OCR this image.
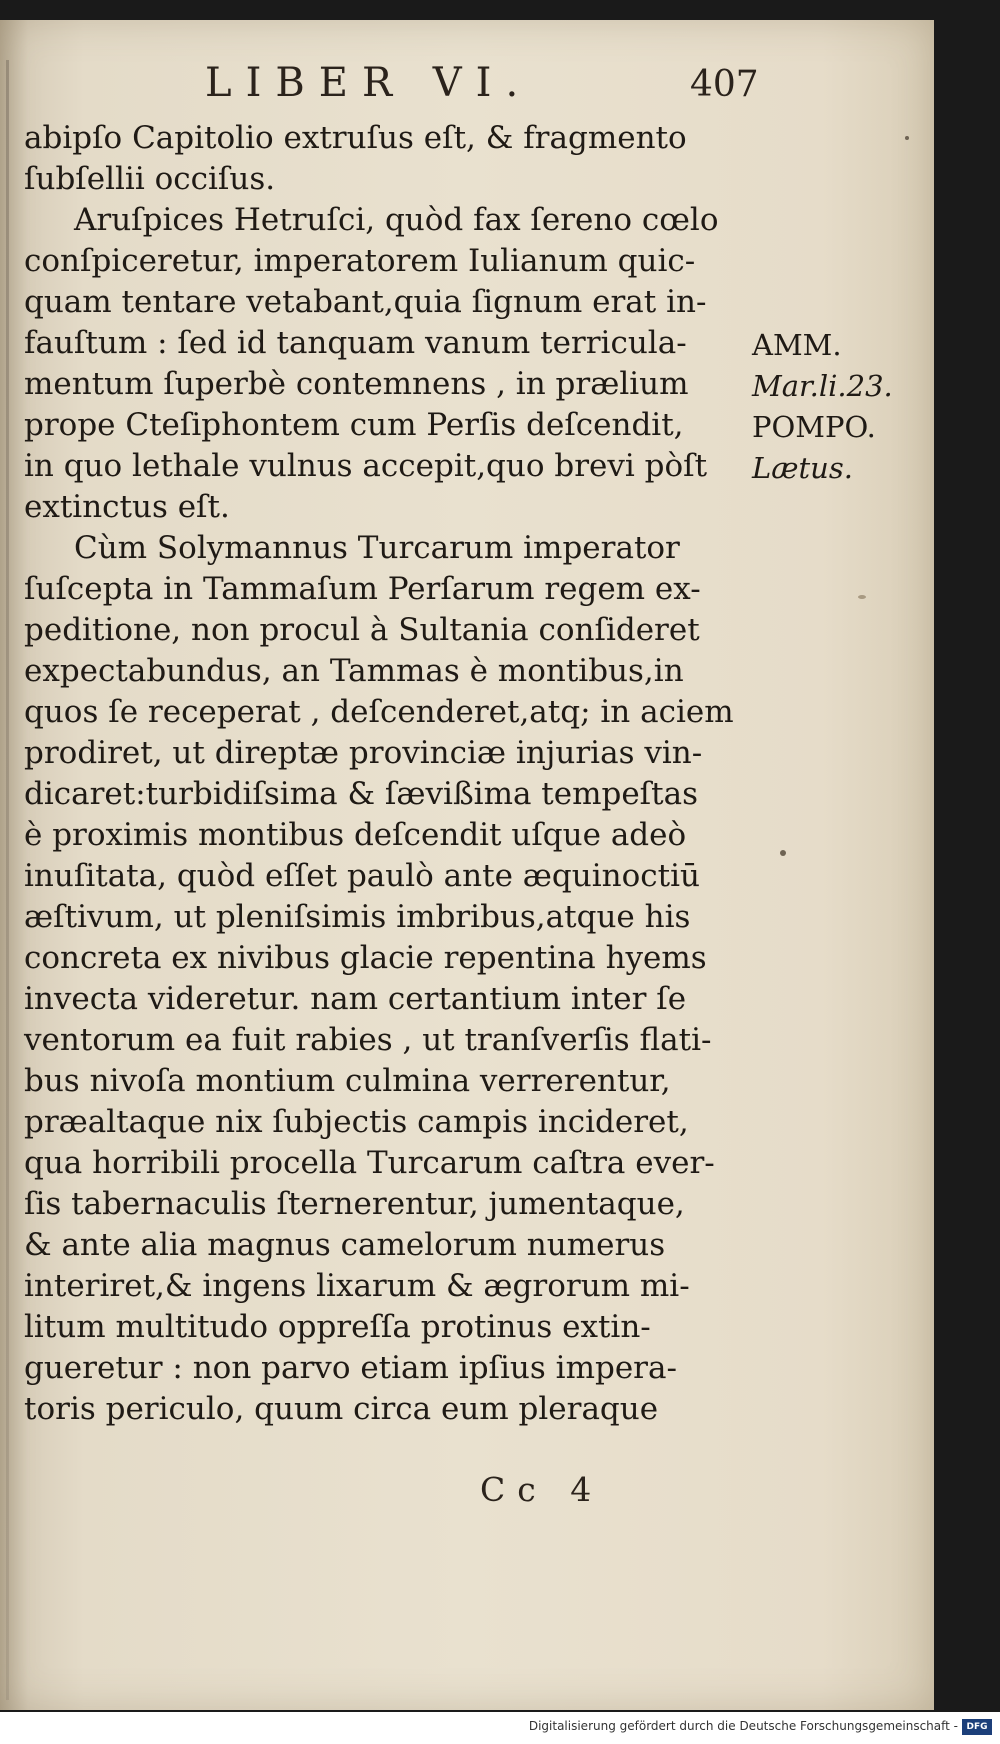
LIBER VI.	407
abipſo Capitolio extruſus eſt, & fragmento
ſubſellii occiſus.
Aruſpices Hetruſci, quòd fax ſereno cœlo
conſpiceretur, imperatorem Iulianum quic-
quam tentare vetabant,quia ſignum erat in-
fauſtum : ſed id tanquam vanum terricula-
mentum ſuperbè contemnens , in prælium
prope Cteſiphontem cum Perſis deſcendit,
in quo lethale vulnus accepit,quo brevi pòſt
extinctus eſt.
Cùm Solymannus Turcarum imperator
ſuſcepta in Tammaſum Perſarum regem ex-
peditione, non procul à Sultania conſideret
expectabundus, an Tammas è montibus,in
quos ſe receperat , deſcenderet,atq; in aciem
prodiret, ut direptæ provinciæ injurias vin-
dicaret:turbidiſsima & ſævißima tempeſtas
è proximis montibus deſcendit uſque adeò
inuſitata, quòd eſſet paulò ante æquinoctiū
æſtivum, ut pleniſsimis imbribus,atque his
concreta ex nivibus glacie repentina hyems
invecta videretur. nam certantium inter ſe
ventorum ea fuit rabies , ut tranſverſis flati-
bus nivoſa montium culmina verrerentur,
præaltaque nix ſubjectis campis incideret,
qua horribili procella Turcarum caſtra ever-
ſis tabernaculis ſternerentur, jumentaque,
& ante alia magnus camelorum numerus
interiret,& ingens lixarum & ægrorum mi-
litum multitudo oppreſſa protinus extin-
gueretur : non parvo etiam ipſius impera-
toris periculo, quum circa eum pleraque
AMM.
Mar.li.23.
POMPO.
Lætus.
Cc 4
Digitalisierung gefördert durch die Deutsche Forschungsgemeinschaft - DFG
